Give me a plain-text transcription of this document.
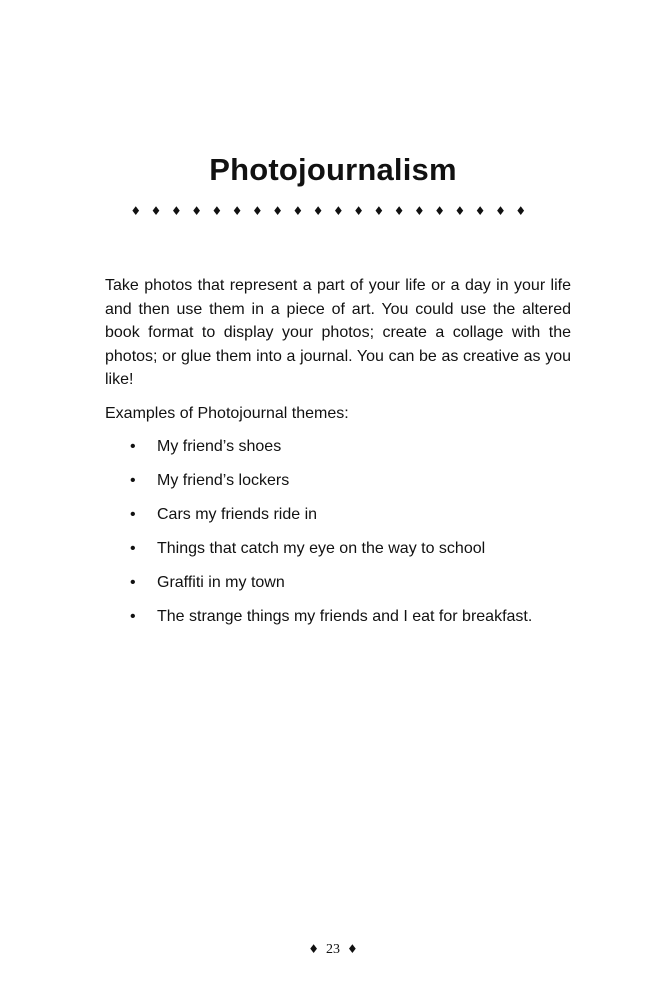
Photojournalism
♦♦♦♦♦♦♦♦♦♦♦♦♦♦♦♦♦♦♦♦

Take photos that represent a part of your life or a day in your life and then use them in a piece of art. You could use the altered book format to display your photos; create a collage with the photos; or glue them into a journal. You can be as creative as you like!

Examples of Photojournal themes:

• My friend’s shoes
• My friend’s lockers
• Cars my friends ride in
• Things that catch my eye on the way to school
• Graffiti in my town
• The strange things my friends and I eat for breakfast.
♦ 23 ♦
